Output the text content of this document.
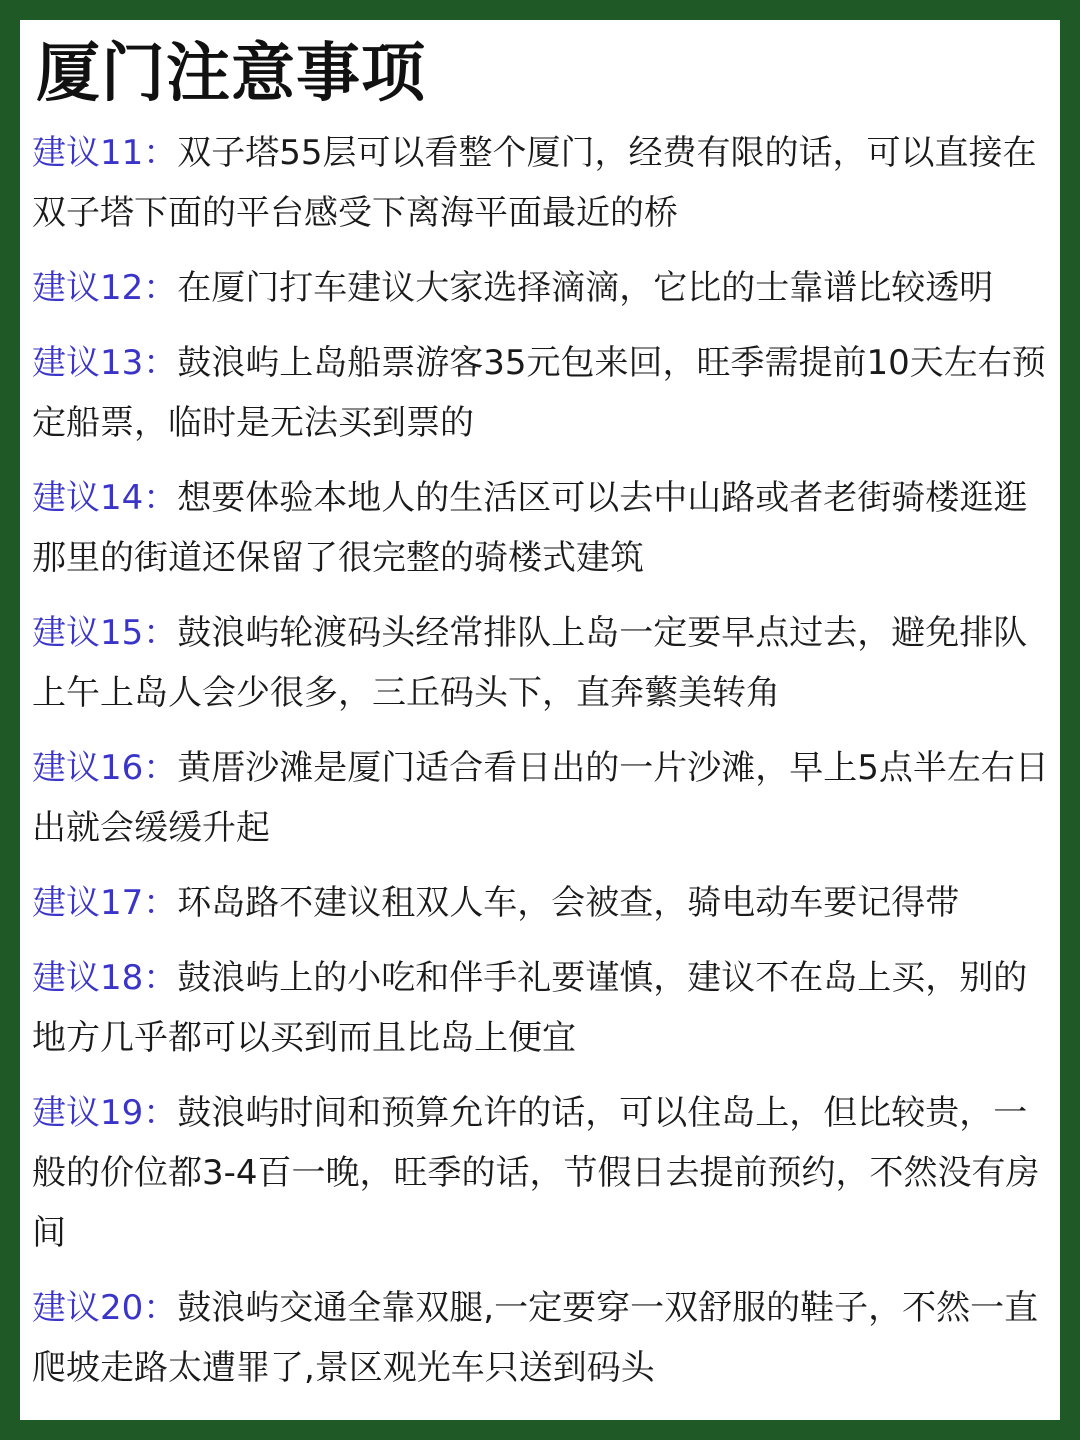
厦门注意事项
建议11：双子塔55层可以看整个厦门，经费有限的话，可以直接在双子塔下面的平台感受下离海平面最近的桥
建议12：在厦门打车建议大家选择滴滴，它比的士靠谱比较透明
建议13：鼓浪屿上岛船票游客35元包来回，旺季需提前10天左右预定船票，临时是无法买到票的
建议14：想要体验本地人的生活区可以去中山路或者老街骑楼逛逛那里的街道还保留了很完整的骑楼式建筑
建议15：鼓浪屿轮渡码头经常排队上岛一定要早点过去，避免排队上午上岛人会少很多，三丘码头下，直奔蘩美转角
建议16：黄厝沙滩是厦门适合看日出的一片沙滩，早上5点半左右日出就会缓缓升起
建议17：环岛路不建议租双人车，会被查，骑电动车要记得带
建议18：鼓浪屿上的小吃和伴手礼要谨慎，建议不在岛上买，别的地方几乎都可以买到而且比岛上便宜
建议19：鼓浪屿时间和预算允许的话，可以住岛上，但比较贵，一般的价位都3-4百一晚，旺季的话，节假日去提前预约，不然没有房间
建议20：鼓浪屿交通全靠双腿,一定要穿一双舒服的鞋子，不然一直爬坡走路太遭罪了,景区观光车只送到码头
